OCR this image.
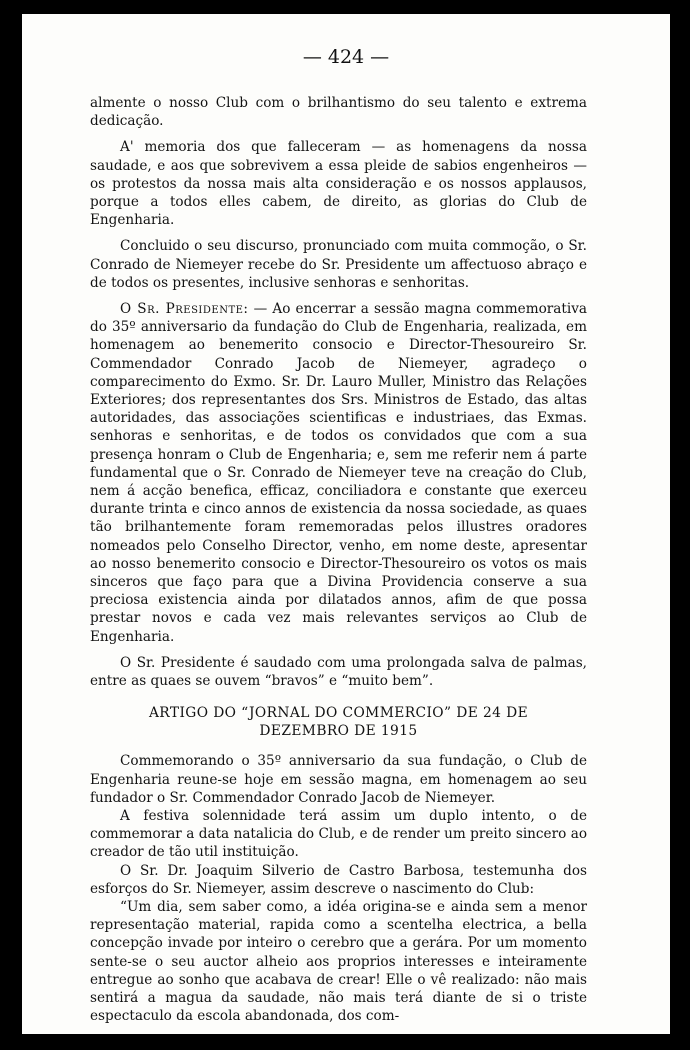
— 424 —

almente o nosso Club com o brilhantismo do seu talento e extrema dedicação.

A' memoria dos que falleceram — as homenagens da nossa saudade, e aos que sobrevivem a essa pleide de sabios engenheiros — os protestos da nossa mais alta consideração e os nossos applausos, porque a todos elles cabem, de direito, as glorias do Club de Engenharia.

Concluido o seu discurso, pronunciado com muita commoção, o Sr. Conrado de Niemeyer recebe do Sr. Presidente um affectuoso abraço e de todos os presentes, inclusive senhoras e senhoritas.

O Sr. Presidente: — Ao encerrar a sessão magna commemorativa do 35º anniversario da fundação do Club de Engenharia, realizada, em homenagem ao benemerito consocio e Director-Thesoureiro Sr. Commendador Conrado Jacob de Niemeyer, agradeço o comparecimento do Exmo. Sr. Dr. Lauro Muller, Ministro das Relações Exteriores; dos representantes dos Srs. Ministros de Estado, das altas autoridades, das associações scientificas e industriaes, das Exmas. senhoras e senhoritas, e de todos os convidados que com a sua presença honram o Club de Engenharia; e, sem me referir nem á parte fundamental que o Sr. Conrado de Niemeyer teve na creação do Club, nem á acção benefica, efficaz, conciliadora e constante que exerceu durante trinta e cinco annos de existencia da nossa sociedade, as quaes tão brilhantemente foram rememoradas pelos illustres oradores nomeados pelo Conselho Director, venho, em nome deste, apresentar ao nosso benemerito consocio e Director-Thesoureiro os votos os mais sinceros que faço para que a Divina Providencia conserve a sua preciosa existencia ainda por dilatados annos, afim de que possa prestar novos e cada vez mais relevantes serviços ao Club de Engenharia.

O Sr. Presidente é saudado com uma prolongada salva de palmas, entre as quaes se ouvem “bravos” e “muito bem”.

ARTIGO DO “JORNAL DO COMMERCIO” DE 24 DE
DEZEMBRO DE 1915

Commemorando o 35º anniversario da sua fundação, o Club de Engenharia reune-se hoje em sessão magna, em homenagem ao seu fundador o Sr. Commendador Conrado Jacob de Niemeyer.

A festiva solennidade terá assim um duplo intento, o de commemorar a data natalicia do Club, e de render um preito sincero ao creador de tão util instituição.

O Sr. Dr. Joaquim Silverio de Castro Barbosa, testemunha dos esforços do Sr. Niemeyer, assim descreve o nascimento do Club:

“Um dia, sem saber como, a idéa origina-se e ainda sem a menor representação material, rapida como a scentelha electrica, a bella concepção invade por inteiro o cerebro que a gerára. Por um momento sente-se o seu auctor alheio aos proprios interesses e inteiramente entregue ao sonho que acabava de crear! Elle o vê realizado: não mais sentirá a magua da saudade, não mais terá diante de si o triste espectaculo da escola abandonada, dos com-
